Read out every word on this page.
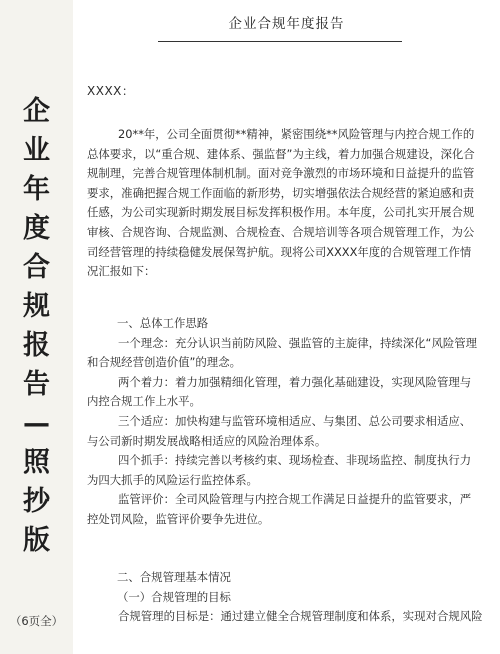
企
业
年
度
合
规
报
告
—
照
抄
版
（6页全）
企业合规年度报告
XXXX：
20**年，公司全面贯彻**精神，紧密围绕**风险管理与内控合规工作的
总体要求，以“重合规、建体系、强监督”为主线，着力加强合规建设，深化合
规制理，完善合规管理体制机制。面对竞争激烈的市场环境和日益提升的监管
要求，准确把握合规工作面临的新形势，切实增强依法合规经营的紧迫感和责
任感，为公司实现新时期发展目标发挥积极作用。本年度，公司扎实开展合规
审核、合规咨询、合规监测、合规检查、合规培训等各项合规管理工作，为公
司经营管理的持续稳健发展保驾护航。现将公司XXXX年度的合规管理工作情
况汇报如下：
一、总体工作思路
一个理念：充分认识当前防风险、强监管的主旋律，持续深化“风险管理
和合规经营创造价值”的理念。
两个着力：着力加强精细化管理，着力强化基础建设，实现风险管理与
内控合规工作上水平。
三个适应：加快构建与监管环境相适应、与集团、总公司要求相适应、
与公司新时期发展战略相适应的风险治理体系。
四个抓手：持续完善以考核约束、现场检查、非现场监控、制度执行力
为四大抓手的风险运行监控体系。
监管评价：全司风险管理与内控合规工作满足日益提升的监管要求，严
控处罚风险，监管评价要争先进位。
二、合规管理基本情况
（一）合规管理的目标
合规管理的目标是：通过建立健全合规管理制度和体系，实现对合规风险
